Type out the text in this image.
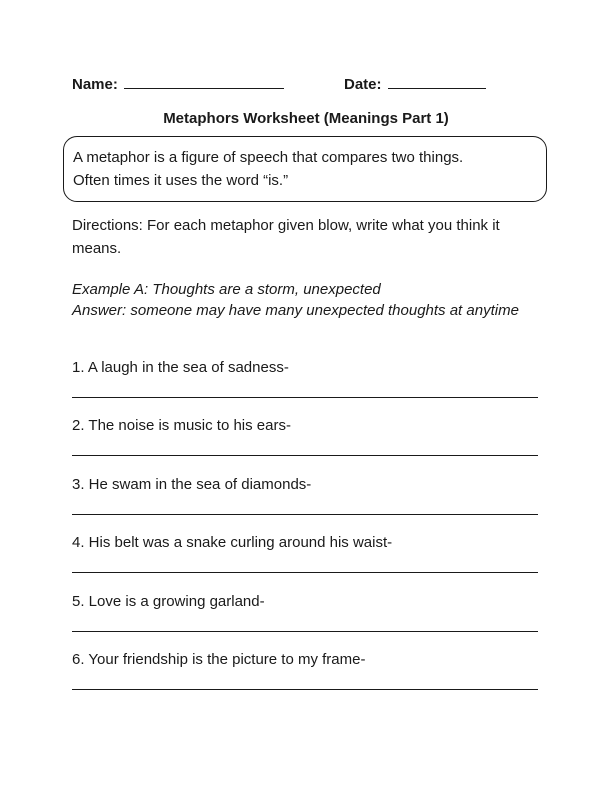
Name:	Date:
Metaphors Worksheet (Meanings Part 1)
A metaphor is a figure of speech that compares two things.
Often times it uses the word “is.”
Directions: For each metaphor given blow, write what you think it means.
Example A: Thoughts are a storm, unexpected
Answer: someone may have many unexpected thoughts at anytime
1. A laugh in the sea of sadness-
2. The noise is music to his ears-
3. He swam in the sea of diamonds-
4. His belt was a snake curling around his waist-
5. Love is a growing garland-
6. Your friendship is the picture to my frame-
